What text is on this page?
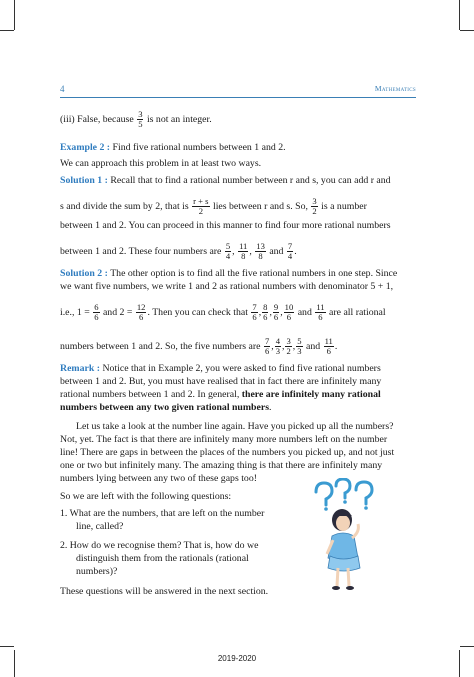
4	Mathematics
(iii) False, because $\frac{3}{5}$ is not an integer.
Example 2 : Find five rational numbers between 1 and 2.
We can approach this problem in at least two ways.
Solution 1 : Recall that to find a rational number between r and s, you can add r and
s and divide the sum by 2, that is $\frac{r + s}{2}$ lies between r and s. So, $\frac{3}{2}$ is a number
between 1 and 2. You can proceed in this manner to find four more rational numbers
between 1 and 2. These four numbers are $\frac{5}{4}$ , $\frac{11}{8}$ , $\frac{13}{8}$ and $\frac{7}{4}$ .
Solution 2 : The other option is to find all the five rational numbers in one step. Since
we want five numbers, we write 1 and 2 as rational numbers with denominator 5 + 1,
i.e., $1 = \frac{6}{6}$ and $2 = \frac{12}{6}$ . Then you can check that $\frac{7}{6}$ , $\frac{8}{6}$ , $\frac{9}{6}$ , $\frac{10}{6}$ and $\frac{11}{6}$ are all rational
numbers between 1 and 2. So, the five numbers are $\frac{7}{6}$ , $\frac{4}{3}$ , $\frac{3}{2}$ , $\frac{5}{3}$ and $\frac{11}{6}$ .
Remark : Notice that in Example 2, you were asked to find five rational numbers
between 1 and 2. But, you must have realised that in fact there are infinitely many
rational numbers between 1 and 2. In general, there are infinitely many rational
numbers between any two given rational numbers.
Let us take a look at the number line again. Have you picked up all the numbers?
Not, yet. The fact is that there are infinitely many more numbers left on the number
line! There are gaps in between the places of the numbers you picked up, and not just
one or two but infinitely many. The amazing thing is that there are infinitely many
numbers lying between any two of these gaps too!
So we are left with the following questions:
1. What are the numbers, that are left on the number
line, called?
2. How do we recognise them? That is, how do we
distinguish them from the rationals (rational
numbers)?
These questions will be answered in the next section.
2019-2020
